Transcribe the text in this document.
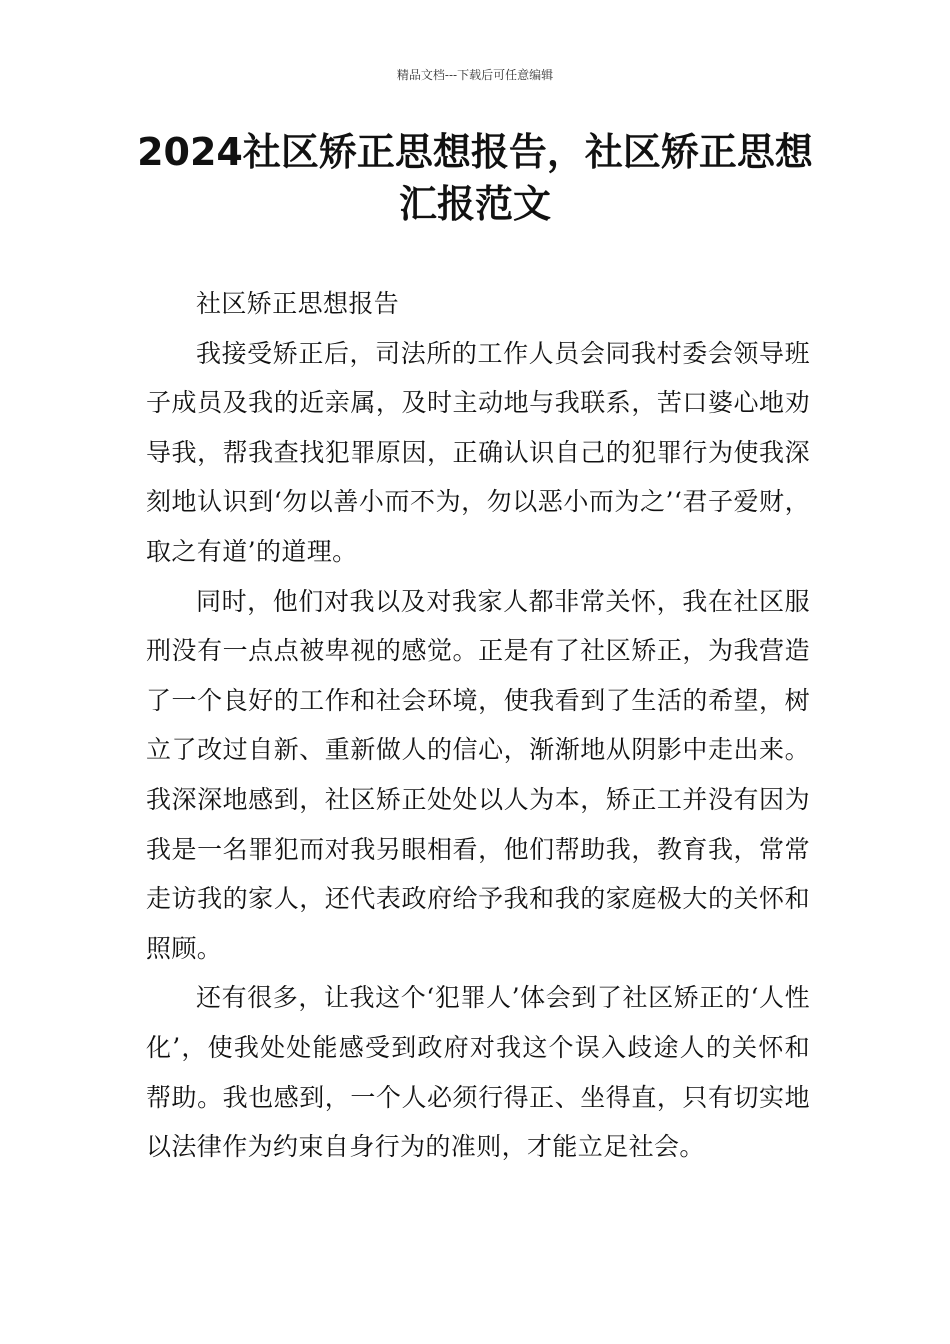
精品文档---下载后可任意编辑
2024社区矫正思想报告，社区矫正思想汇报范文

社区矫正思想报告

我接受矫正后，司法所的工作人员会同我村委会领导班子成员及我的近亲属，及时主动地与我联系，苦口婆心地劝导我，帮我查找犯罪原因，正确认识自己的犯罪行为使我深刻地认识到‘勿以善小而不为，勿以恶小而为之’‘君子爱财，取之有道’的道理。

同时，他们对我以及对我家人都非常关怀，我在社区服刑没有一点点被卑视的感觉。正是有了社区矫正，为我营造了一个良好的工作和社会环境，使我看到了生活的希望，树立了改过自新、重新做人的信心，渐渐地从阴影中走出来。我深深地感到，社区矫正处处以人为本，矫正工并没有因为我是一名罪犯而对我另眼相看，他们帮助我，教育我，常常走访我的家人，还代表政府给予我和我的家庭极大的关怀和照顾。

还有很多，让我这个‘犯罪人’体会到了社区矫正的‘人性化’，使我处处能感受到政府对我这个误入歧途人的关怀和帮助。我也感到，一个人必须行得正、坐得直，只有切实地以法律作为约束自身行为的准则，才能立足社会。
